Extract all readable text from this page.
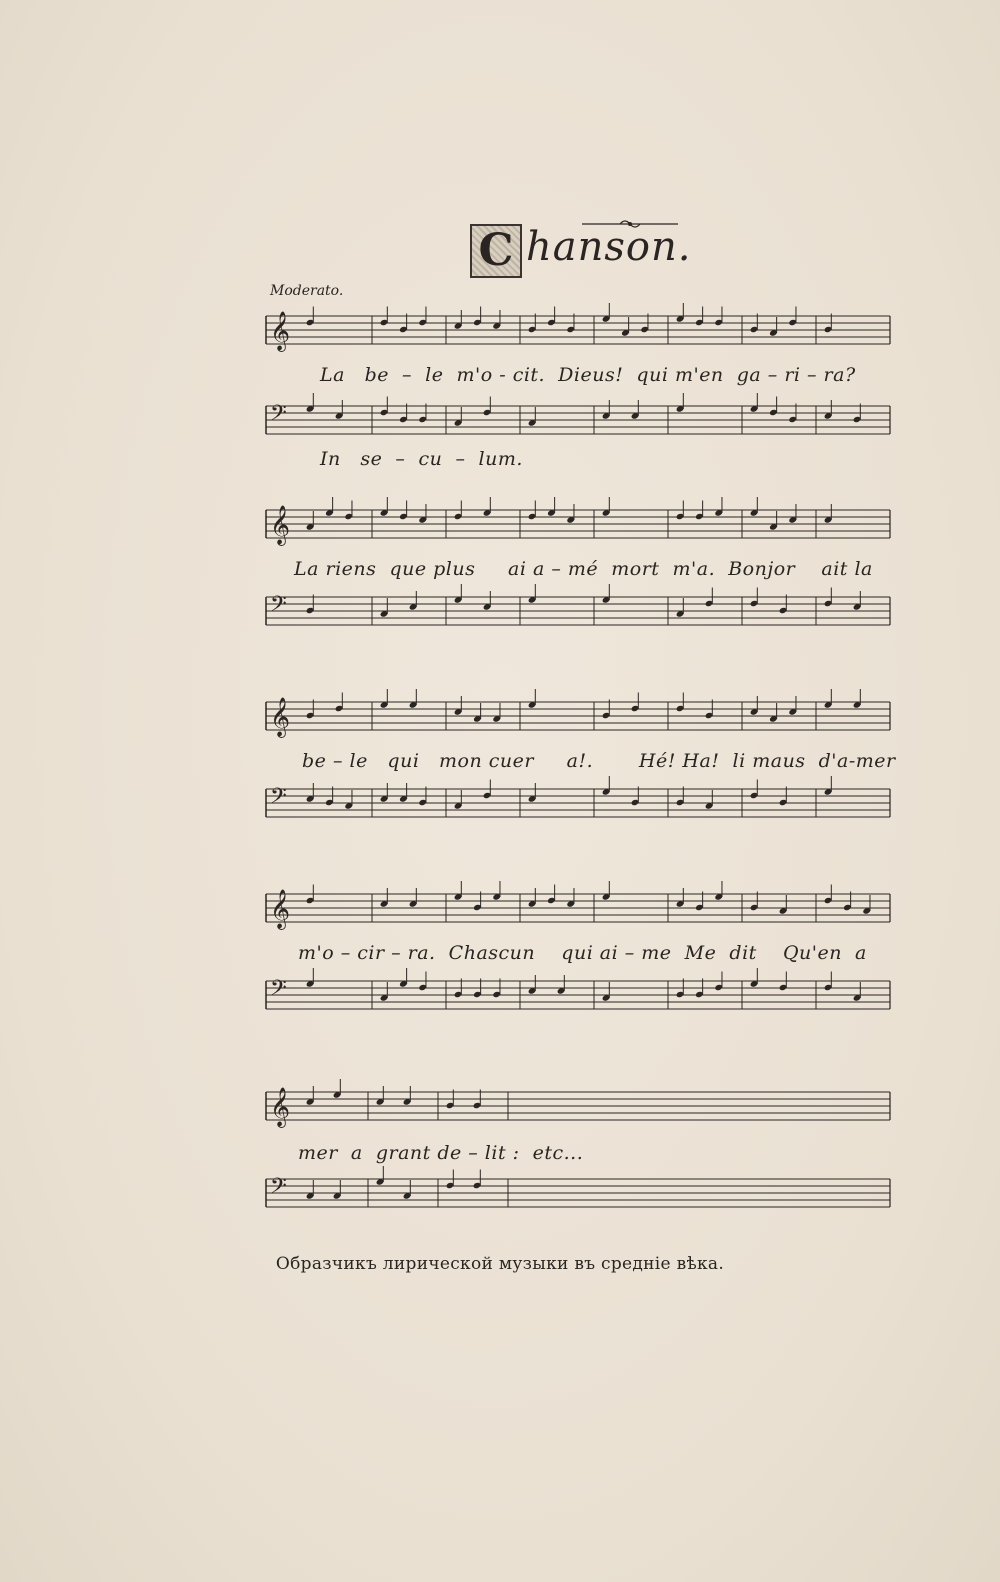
C hanson.
Moderato.
𝄞
𝄢
La   be  –  le  m'o - cit.  Dieus!  qui m'en  ga – ri – ra?
In   se  –  cu  –  lum.
𝄞
𝄢
La riens  que plus     ai a – mé  mort  m'a.  Bonjor    ait la
𝄞
𝄢
be – le   qui   mon cuer     a!.       Hé! Ha!  li maus  d'a-mer
𝄞
𝄢
m'o – cir – ra.  Chascun    qui ai – me  Me  dit    Qu'en  a
𝄞
𝄢
mer  a  grant de – lit :  etc...
Образчикъ лирической музыки въ средніе вѣка.
